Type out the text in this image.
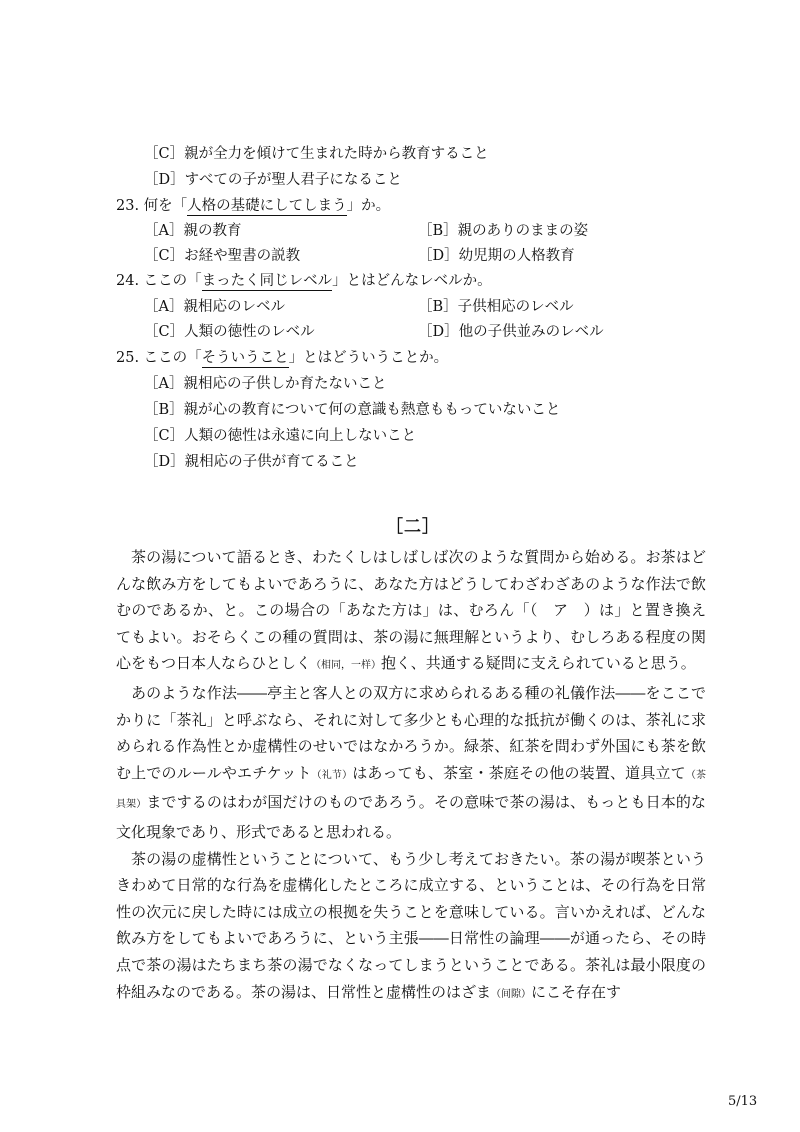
［C］親が全力を傾けて生まれた時から教育すること
［D］すべての子が聖人君子になること
23. 何を「人格の基礎にしてしまう」か。
［A］親の教育	［B］親のありのままの姿
［C］お経や聖書の説教	［D］幼児期の人格教育
24. ここの「まったく同じレベル」とはどんなレベルか。
［A］親相応のレベル	［B］子供相応のレベル
［C］人類の徳性のレベル	［D］他の子供並みのレベル
25. ここの「そういうこと」とはどういうことか。
［A］親相応の子供しか育たないこと
［B］親が心の教育について何の意識も熱意ももっていないこと
［C］人類の徳性は永遠に向上しないこと
［D］親相応の子供が育てること
［二］

茶の湯について語るとき、わたくしはしばしば次のような質問から始める。お茶はどんな飲み方をしてもよいであろうに、あなた方はどうしてわざわざあのような作法で飲むのであるか、と。この場合の「あなた方は」は、むろん「（　ア　）は」と置き換えてもよい。おそらくこの種の質問は、茶の湯に無理解というより、むしろある程度の関心をもつ日本人ならひとしく（相同，一样）抱く、共通する疑問に支えられていると思う。

あのような作法――亭主と客人との双方に求められるある種の礼儀作法――をここでかりに「茶礼」と呼ぶなら、それに対して多少とも心理的な抵抗が働くのは、茶礼に求められる作為性とか虚構性のせいではなかろうか。緑茶、紅茶を問わず外国にも茶を飲む上でのルールやエチケット（礼节）はあっても、茶室・茶庭その他の装置、道具立て（茶具架）までするのはわが国だけのものであろう。その意味で茶の湯は、もっとも日本的な文化現象であり、形式であると思われる。

茶の湯の虚構性ということについて、もう少し考えておきたい。茶の湯が喫茶というきわめて日常的な行為を虚構化したところに成立する、ということは、その行為を日常性の次元に戻した時には成立の根拠を失うことを意味している。言いかえれば、どんな飲み方をしてもよいであろうに、という主張――日常性の論理――が通ったら、その時点で茶の湯はたちまち茶の湯でなくなってしまうということである。茶礼は最小限度の枠組みなのである。茶の湯は、日常性と虚構性のはざま（间隙）にこそ存在す

5/13
